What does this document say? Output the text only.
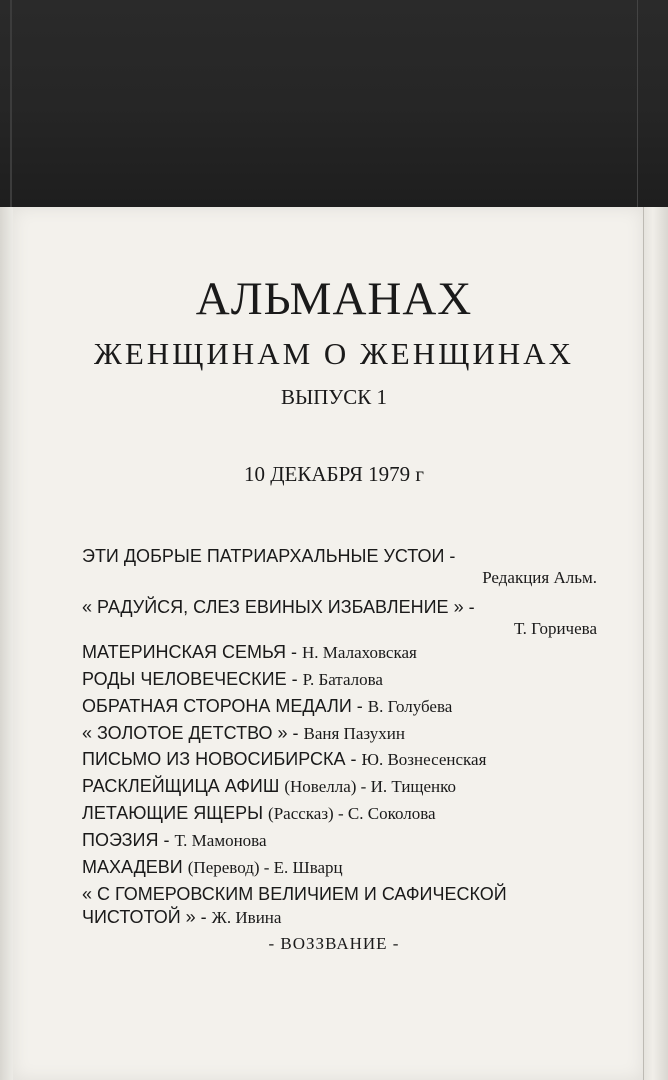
АЛЬМАНАХ
ЖЕНЩИНАМ О ЖЕНЩИНАХ
ВЫПУСК 1
10 ДЕКАБРЯ 1979 г
ЭТИ ДОБРЫЕ ПАТРИАРХАЛЬНЫЕ УСТОИ -
Редакция Альм.
« РАДУЙСЯ, СЛЕЗ ЕВИНЫХ ИЗБАВЛЕНИЕ » -
Т. Горичева
МАТЕРИНСКАЯ СЕМЬЯ - Н. Малаховская
РОДЫ ЧЕЛОВЕЧЕСКИЕ - Р. Баталова
ОБРАТНАЯ СТОРОНА МЕДАЛИ - В. Голубева
« ЗОЛОТОЕ ДЕТСТВО » - Ваня Пазухин
ПИСЬМО ИЗ НОВОСИБИРСКА - Ю. Вознесенская
РАСКЛЕЙЩИЦА АФИШ (Новелла) - И. Тищенко
ЛЕТАЮЩИЕ ЯЩЕРЫ (Рассказ) - С. Соколова
ПОЭЗИЯ - Т. Мамонова
МАХАДЕВИ (Перевод) - Е. Шварц
« С ГОМЕРОВСКИМ ВЕЛИЧИЕМ И САФИЧЕСКОЙ
ЧИСТОТОЙ » - Ж. Ивина
- ВОЗЗВАНИЕ -
